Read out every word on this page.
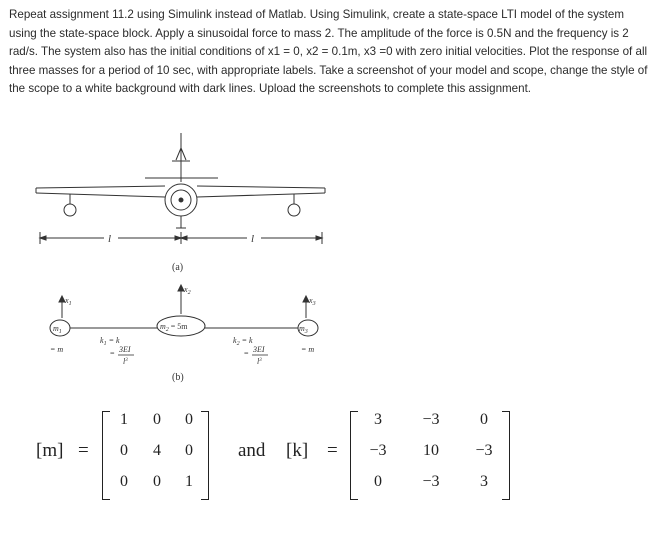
Repeat assignment 11.2 using Simulink instead of Matlab. Using Simulink, create a state-space LTI model of the system using the state-space block. Apply a sinusoidal force to mass 2. The amplitude of the force is 0.5N and the frequency is 2 rad/s. The system also has the initial conditions of x1 = 0, x2 = 0.1m, x3 =0 with zero initial velocities. Plot the response of all three masses for a period of 10 sec, with appropriate labels. Take a screenshot of your model and scope, change the style of the scope to a white background with dark lines. Upload the screenshots to complete this assignment.
l	l
(a)
$x_1$
$x_2$
$x_3$
$m_1$
$m_2 = 5m$	$m_3$
= m	= m
$k_1 = k$
= 3EI
$l^3$
$k_2 = k$
= 3EI
$l^3$
(b)
[m] =
1	0	0
0	4	0
0	0	1
and [k] =
3	−3	0
−3	10	−3
0	−3	3
